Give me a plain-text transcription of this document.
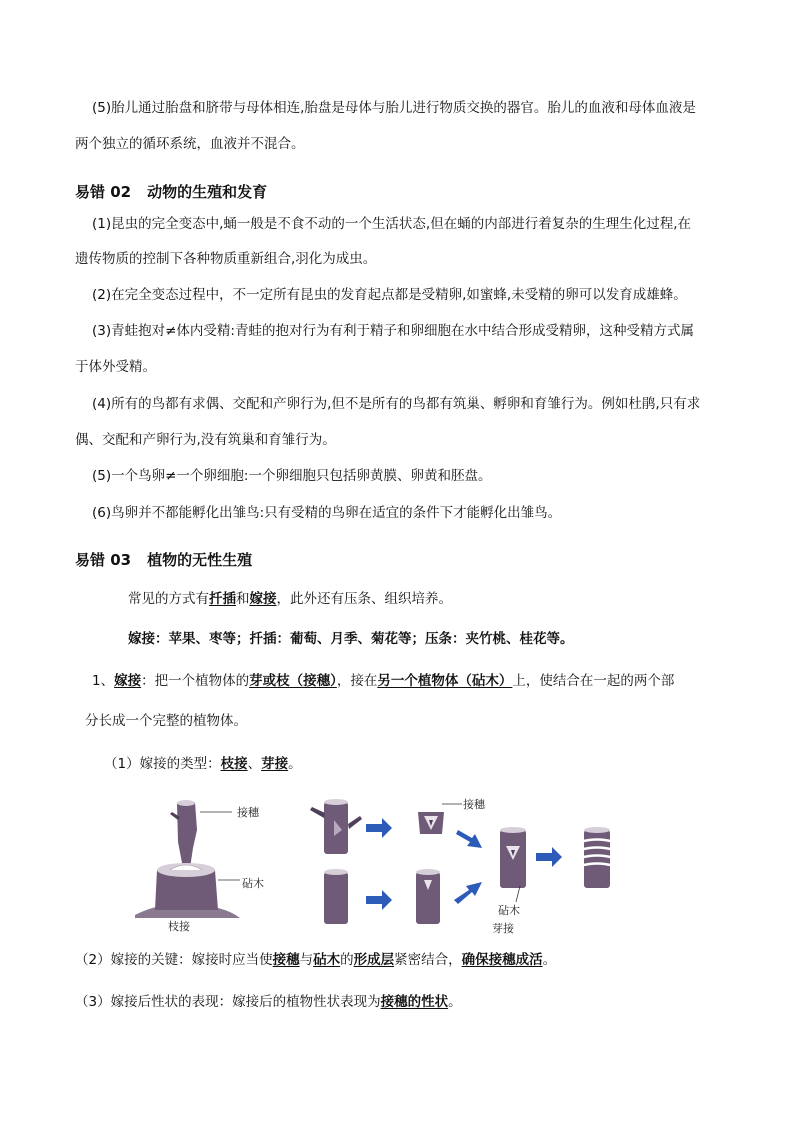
(5)胎儿通过胎盘和脐带与母体相连,胎盘是母体与胎儿进行物质交换的器官。胎儿的血液和母体血液是
两个独立的循环系统，血液并不混合。
易错 02 动物的生殖和发育
(1)昆虫的完全变态中,蛹一般是不食不动的一个生活状态,但在蛹的内部进行着复杂的生理生化过程,在
遗传物质的控制下各种物质重新组合,羽化为成虫。
(2)在完全变态过程中，不一定所有昆虫的发育起点都是受精卵,如蜜蜂,未受精的卵可以发育成雄蜂。
(3)青蛙抱对≠体内受精:青蛙的抱对行为有利于精子和卵细胞在水中结合形成受精卵，这种受精方式属
于体外受精。
(4)所有的鸟都有求偶、交配和产卵行为,但不是所有的鸟都有筑巢、孵卵和育雏行为。例如杜鹃,只有求
偶、交配和产卵行为,没有筑巢和育雏行为。
(5)一个鸟卵≠一个卵细胞:一个卵细胞只包括卵黄膜、卵黄和胚盘。
(6)鸟卵并不都能孵化出雏鸟:只有受精的鸟卵在适宜的条件下才能孵化出雏鸟。
易错 03 植物的无性生殖
常见的方式有扦插和嫁接，此外还有压条、组织培养。
嫁接：苹果、枣等；扦插：葡萄、月季、菊花等；压条：夹竹桃、桂花等。
1、嫁接：把一个植物体的芽或枝（接穗），接在另一个植物体（砧木）上，使结合在一起的两个部
分长成一个完整的植物体。
（1）嫁接的类型：枝接、芽接。
接穗
砧木
枝接
接穗
砧木
芽接
（2）嫁接的关键：嫁接时应当使接穗与砧木的形成层紧密结合，确保接穗成活。
（3）嫁接后性状的表现：嫁接后的植物性状表现为接穗的性状。
